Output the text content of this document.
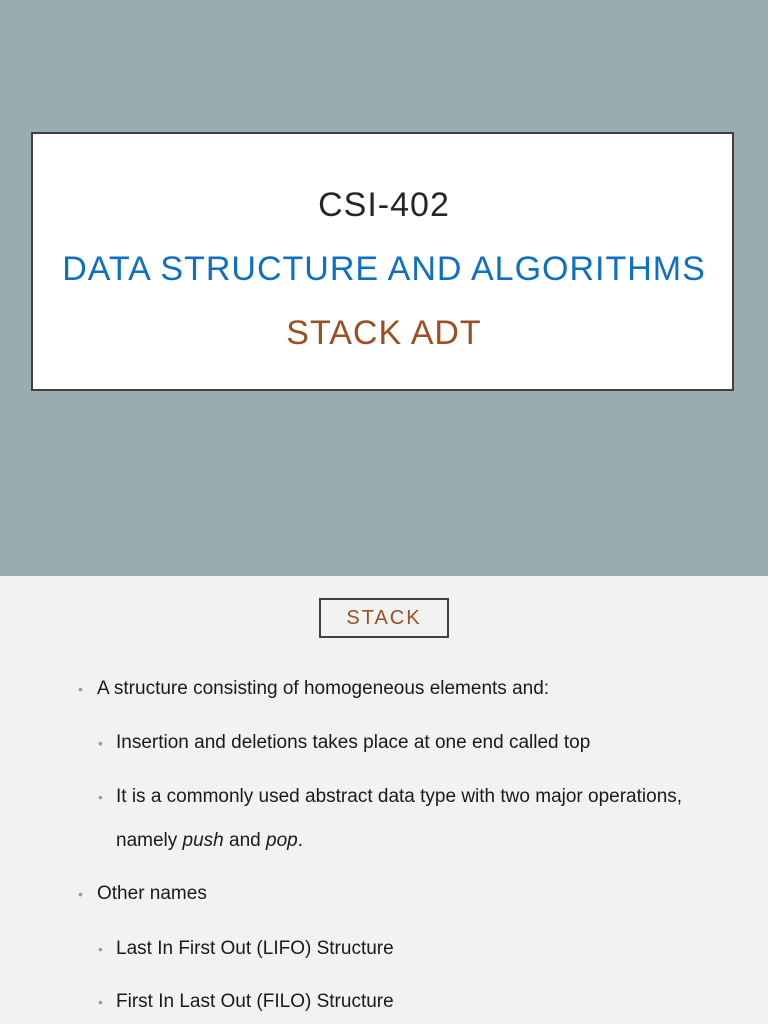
CSI-402
DATA STRUCTURE AND ALGORITHMS
STACK ADT
STACK
• A structure consisting of homogeneous elements and:
• Insertion and deletions takes place at one end called top
• It is a commonly used abstract data type with two major operations,
namely push and pop.
• Other names
• Last In First Out (LIFO) Structure
• First In Last Out (FILO) Structure
